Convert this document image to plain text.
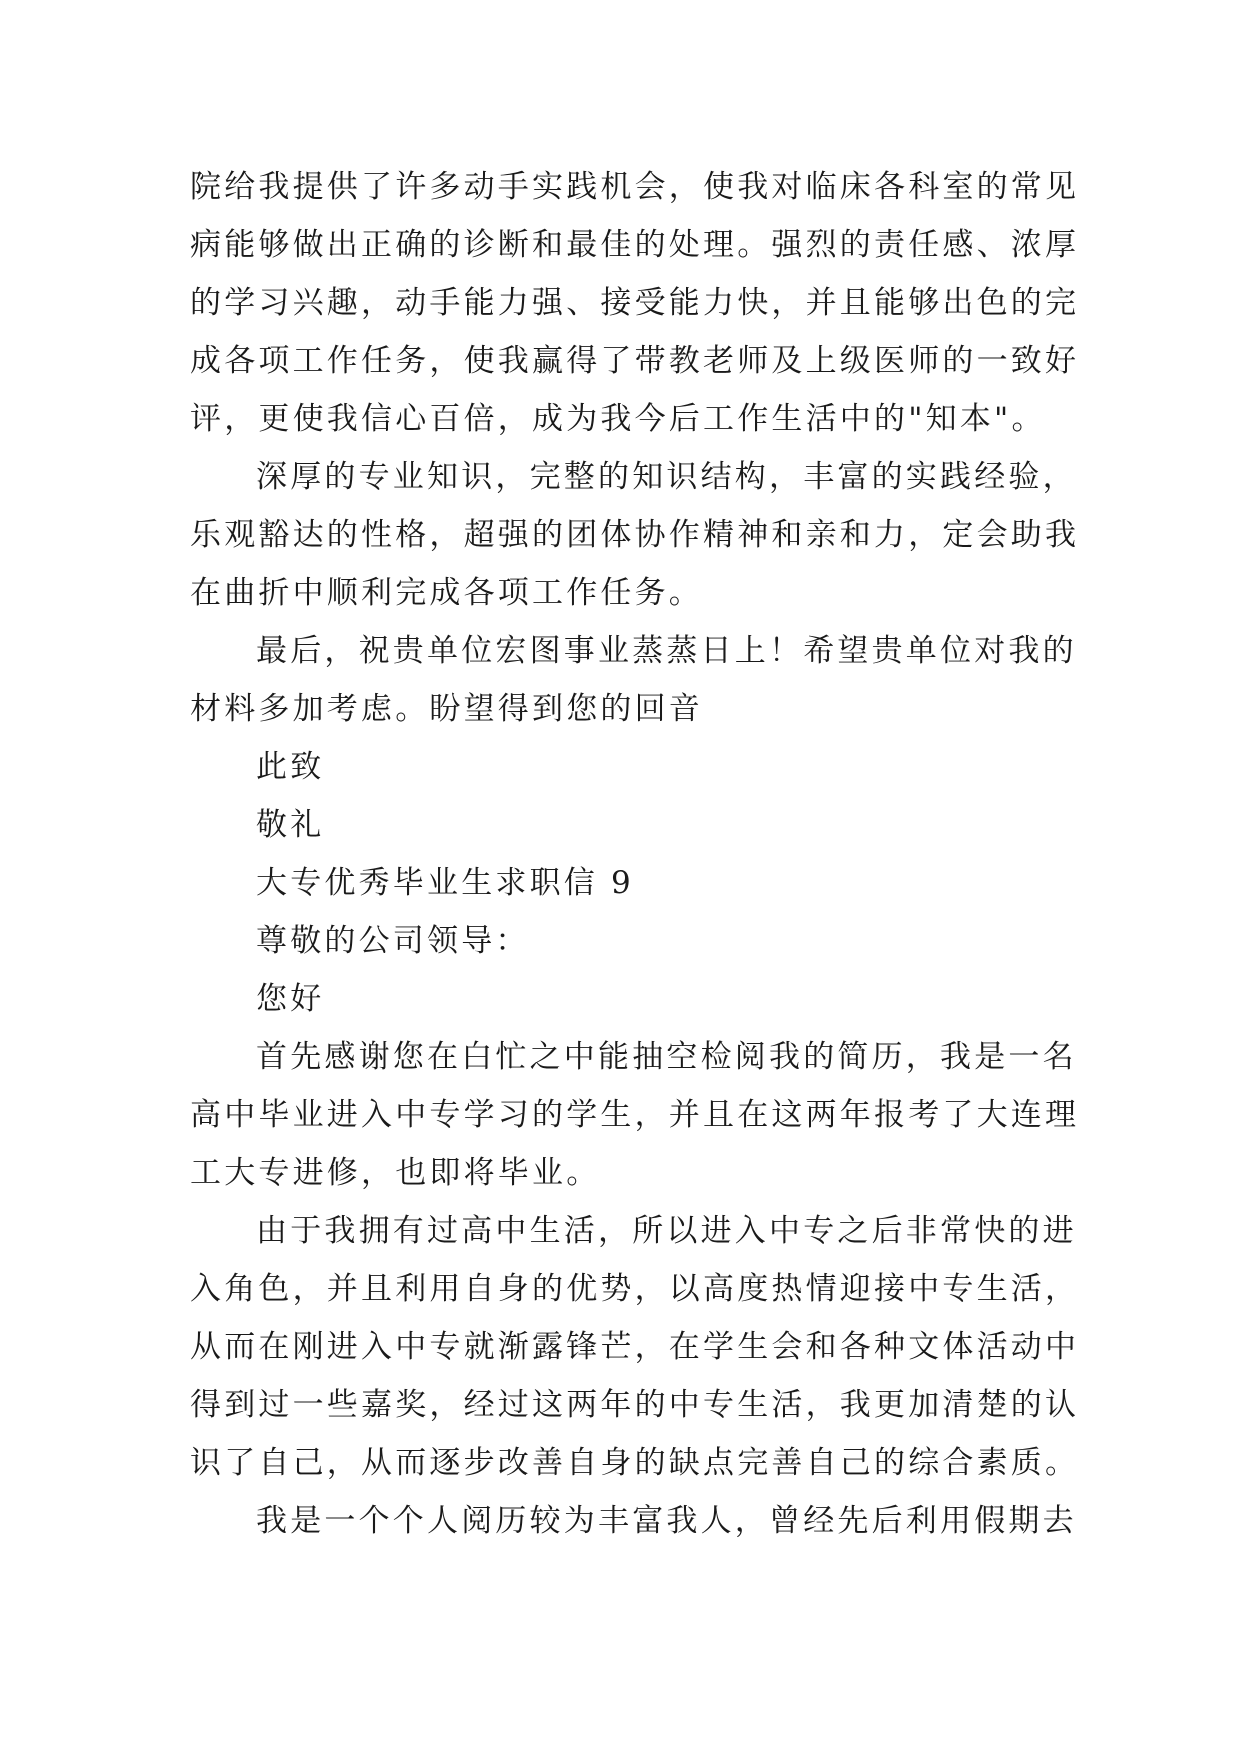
院给我提供了许多动手实践机会，使我对临床各科室的常见
病能够做出正确的诊断和最佳的处理。强烈的责任感、浓厚
的学习兴趣，动手能力强、接受能力快，并且能够出色的完
成各项工作任务，使我赢得了带教老师及上级医师的一致好
评，更使我信心百倍，成为我今后工作生活中的"知本"。
深厚的专业知识，完整的知识结构，丰富的实践经验，
乐观豁达的性格，超强的团体协作精神和亲和力，定会助我
在曲折中顺利完成各项工作任务。
最后，祝贵单位宏图事业蒸蒸日上！希望贵单位对我的
材料多加考虑。盼望得到您的回音
此致
敬礼
大专优秀毕业生求职信 9
尊敬的公司领导：
您好
首先感谢您在白忙之中能抽空检阅我的简历，我是一名
高中毕业进入中专学习的学生，并且在这两年报考了大连理
工大专进修，也即将毕业。
由于我拥有过高中生活，所以进入中专之后非常快的进
入角色，并且利用自身的优势，以高度热情迎接中专生活，
从而在刚进入中专就渐露锋芒，在学生会和各种文体活动中
得到过一些嘉奖，经过这两年的中专生活，我更加清楚的认
识了自己，从而逐步改善自身的缺点完善自己的综合素质。
我是一个个人阅历较为丰富我人，曾经先后利用假期去
